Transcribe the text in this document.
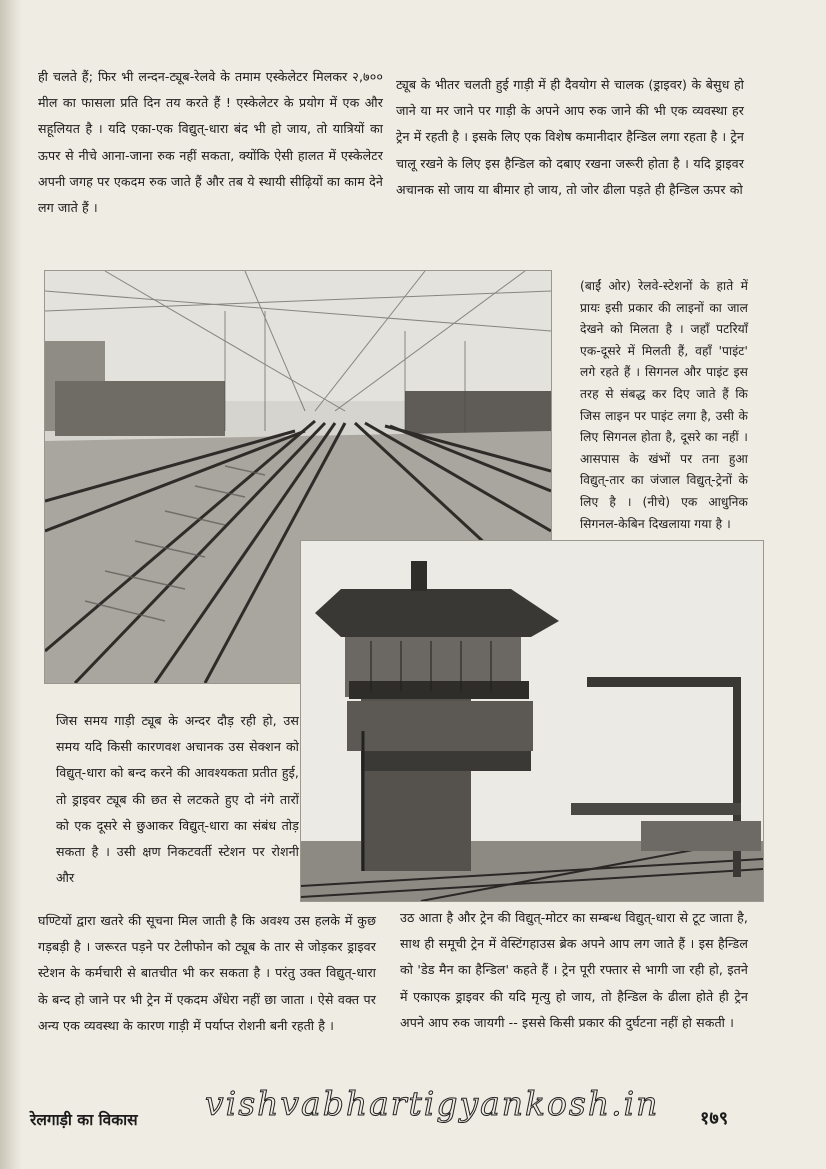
ही चलते हैं; फिर भी लन्दन-ट्यूब-रेलवे के तमाम एस्केलेटर मिलकर २,७०० मील का फासला प्रति दिन तय करते हैं ! एस्केलेटर के प्रयोग में एक और सहूलियत है । यदि एका-एक विद्युत्-धारा बंद भी हो जाय, तो यात्रियों का ऊपर से नीचे आना-जाना रुक नहीं सकता, क्योंकि ऐसी हालत में एस्केलेटर अपनी जगह पर एकदम रुक जाते हैं और तब ये स्थायी सीढ़ियों का काम देने लग जाते हैं ।

ट्यूब के भीतर चलती हुई गाड़ी में ही दैवयोग से चालक (ड्राइवर) के बेसुध हो जाने या मर जाने पर गाड़ी के अपने आप रुक जाने की भी एक व्यवस्था हर ट्रेन में रहती है । इसके लिए एक विशेष कमानीदार हैन्डिल लगा रहता है । ट्रेन चालू रखने के लिए इस हैन्डिल को दबाए रखना जरूरी होता है । यदि ड्राइवर अचानक सो जाय या बीमार हो जाय, तो जोर ढीला पड़ते ही हैन्डिल ऊपर को

(बाईं ओर) रेलवे-स्टेशनों के हाते में प्रायः इसी प्रकार की लाइनों का जाल देखने को मिलता है । जहाँ पटरियाँ एक-दूसरे में मिलती हैं, वहाँ 'पाइंट' लगे रहते हैं । सिगनल और पाइंट इस तरह से संबद्ध कर दिए जाते हैं कि जिस लाइन पर पाइंट लगा है, उसी के लिए सिगनल होता है, दूसरे का नहीं । आसपास के खंभों पर तना हुआ विद्युत्-तार का जंजाल विद्युत्-ट्रेनों के लिए है । (नीचे) एक आधुनिक सिगनल-केबिन दिखलाया गया है ।

जिस समय गाड़ी ट्यूब के अन्दर दौड़ रही हो, उस समय यदि किसी कारणवश अचानक उस सेक्शन को विद्युत्-धारा को बन्द करने की आवश्यकता प्रतीत हुई, तो ड्राइवर ट्यूब की छत से लटकते हुए दो नंगे तारों को एक दूसरे से छुआकर विद्युत्-धारा का संबंध तोड़ सकता है । उसी क्षण निकटवर्ती स्टेशन पर रोशनी और

घण्टियों द्वारा खतरे की सूचना मिल जाती है कि अवश्य उस हलके में कुछ गड़बड़ी है । जरूरत पड़ने पर टेलीफोन को ट्यूब के तार से जोड़कर ड्राइवर स्टेशन के कर्मचारी से बातचीत भी कर सकता है । परंतु उक्त विद्युत्-धारा के बन्द हो जाने पर भी ट्रेन में एकदम अँधेरा नहीं छा जाता । ऐसे वक्त पर अन्य एक व्यवस्था के कारण गाड़ी में पर्याप्त रोशनी बनी रहती है ।

उठ आता है और ट्रेन की विद्युत्-मोटर का सम्बन्ध विद्युत्-धारा से टूट जाता है, साथ ही समूची ट्रेन में वेस्टिंगहाउस ब्रेक अपने आप लग जाते हैं । इस हैन्डिल को 'डेड मैन का हैन्डिल' कहते हैं । ट्रेन पूरी रफ्तार से भागी जा रही हो, इतने में एकाएक ड्राइवर की यदि मृत्यु हो जाय, तो हैन्डिल के ढीला होते ही ट्रेन अपने आप रुक जायगी -- इससे किसी प्रकार की दुर्घटना नहीं हो सकती ।

रेलगाड़ी का विकास vishvabhartigyankosh.in १७९
